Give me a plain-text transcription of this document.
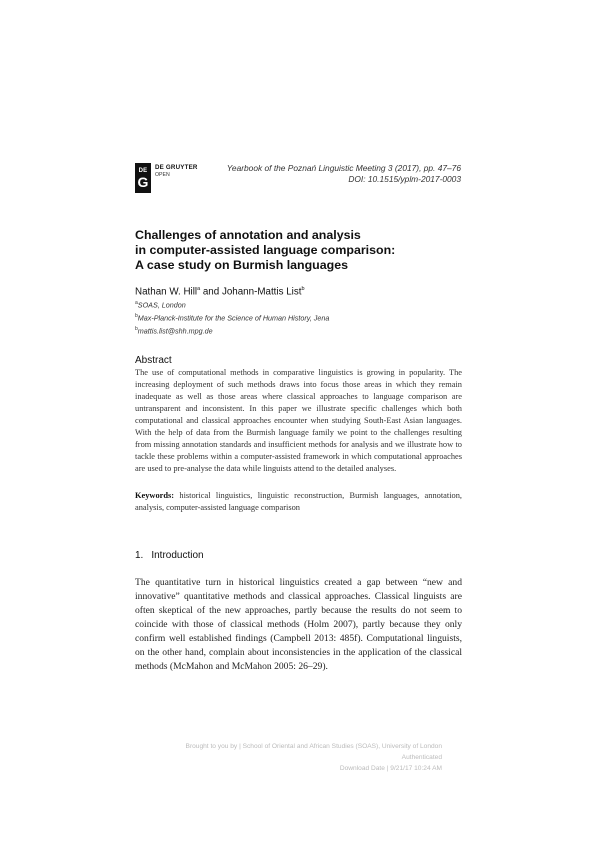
DE
G
DE GRUYTER
OPEN
Yearbook of the Poznań Linguistic Meeting 3 (2017), pp. 47–76
DOI: 10.1515/yplm-2017-0003
Challenges of annotation and analysis
in computer-assisted language comparison:
A case study on Burmish languages
Nathan W. Hill$^a$ and Johann-Mattis List$^b$
$^a$SOAS, London
$^b$Max-Planck-Institute for the Science of Human History, Jena
$^b$mattis.list@shh.mpg.de
Abstract
The use of computational methods in comparative linguistics is growing in popularity. The increasing deployment of such methods draws into focus those areas in which they remain inadequate as well as those areas where classical approaches to language comparison are untransparent and inconsistent. In this paper we illustrate specific challenges which both computational and classical approaches encounter when studying South-East Asian languages. With the help of data from the Burmish language family we point to the challenges resulting from missing annotation standards and insufficient methods for analysis and we illustrate how to tackle these problems within a computer-assisted framework in which computational approaches are used to pre-analyse the data while linguists attend to the detailed analyses.
Keywords: historical linguistics, linguistic reconstruction, Burmish languages, annotation, analysis, computer-assisted language comparison
1. Introduction
The quantitative turn in historical linguistics created a gap between “new and innovative” quantitative methods and classical approaches. Classical linguists are often skeptical of the new approaches, partly because the results do not seem to coincide with those of classical methods (Holm 2007), partly because they only confirm well established findings (Campbell 2013: 485f). Computational linguists, on the other hand, complain about inconsistencies in the application of the classical methods (McMahon and McMahon 2005: 26–29).
Brought to you by | School of Oriental and African Studies (SOAS), University of London
Authenticated
Download Date | 9/21/17 10:24 AM
